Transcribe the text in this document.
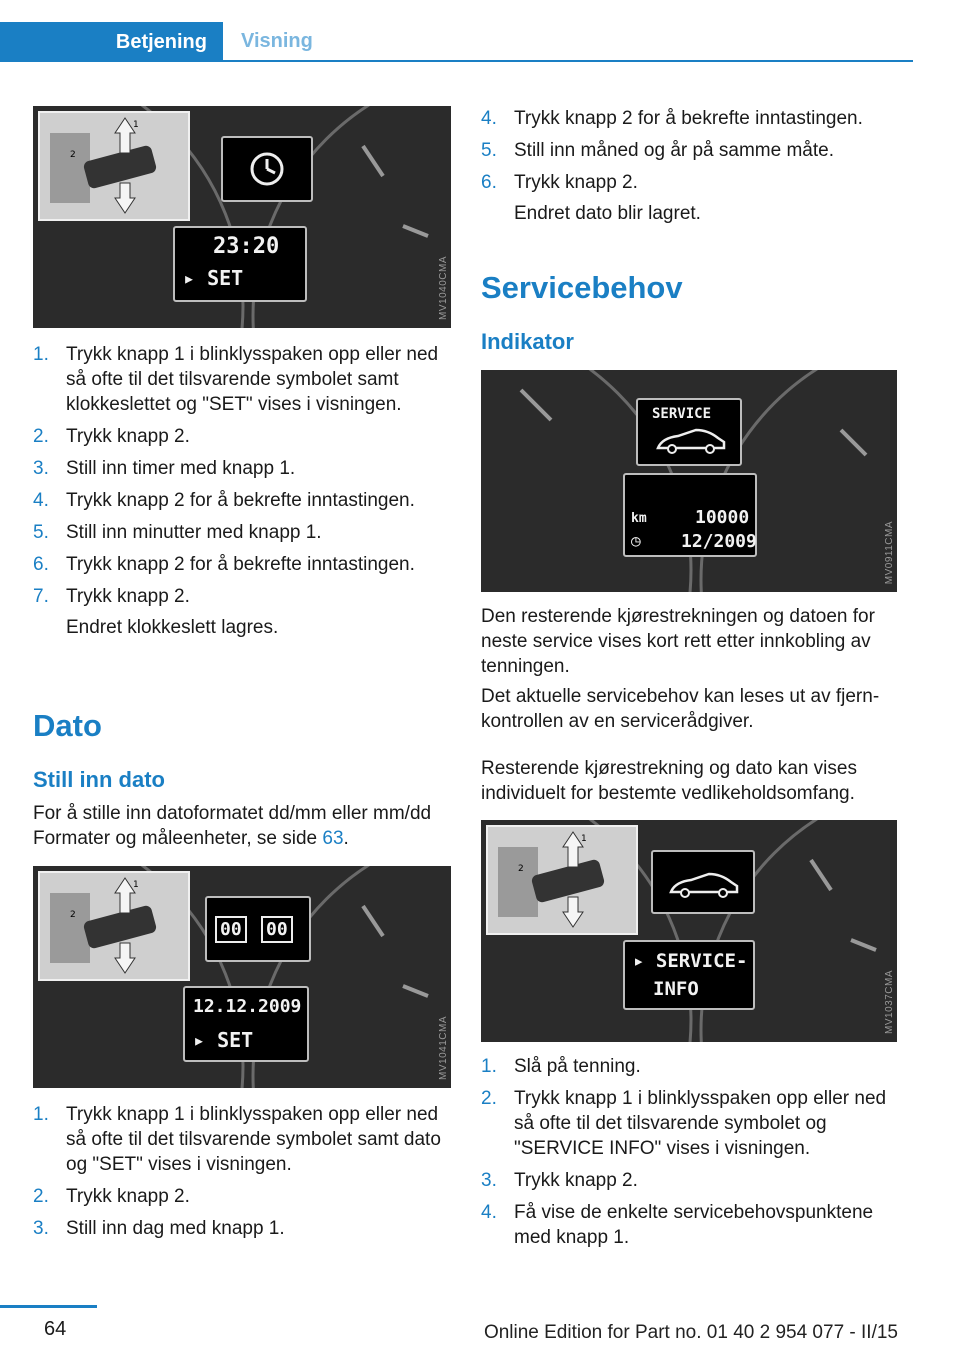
Betjening	Visning
1
2
23:20
▸ SET	MV1040CMA
1. Trykk knapp 1 i blinklysspaken opp eller ned så ofte til det tilsvarende symbolet samt klokkeslettet og "SET" vises i visningen.
2. Trykk knapp 2.
3. Still inn timer med knapp 1.
4. Trykk knapp 2 for å bekrefte inntastingen.
5. Still inn minutter med knapp 1.
6. Trykk knapp 2 for å bekrefte inntastingen.
7. Trykk knapp 2.
Endret klokkeslett lagres.
Dato
Still inn dato
For å stille inn datoformatet dd/mm eller mm/dd Formater og måleenheter, se side 63.
1
2
00 00
12.12.2009
▸ SET	MV1041CMA
1. Trykk knapp 1 i blinklysspaken opp eller ned så ofte til det tilsvarende symbolet samt dato og "SET" vises i visningen.
2. Trykk knapp 2.
3. Still inn dag med knapp 1.
4. Trykk knapp 2 for å bekrefte inntastingen.
5. Still inn måned og år på samme måte.
6. Trykk knapp 2.
Endret dato blir lagret.
Servicebehov
Indikator
SERVICE
km	10000
◷ 12/2009	MV0911CMA
Den resterende kjørestrekningen og datoen for neste service vises kort rett etter innkobling av tenningen.
Det aktuelle servicebehov kan leses ut av fjernkontrollen av en servicerådgiver.
Resterende kjørestrekning og dato kan vises individuelt for bestemte vedlikeholdsomfang.
1
2
▸ SERVICE-
INFO	MV1037CMA
1. Slå på tenning.
2. Trykk knapp 1 i blinklysspaken opp eller ned så ofte til det tilsvarende symbolet og "SERVICE INFO" vises i visningen.
3. Trykk knapp 2.
4. Få vise de enkelte servicebehovspunktene med knapp 1.
64	Online Edition for Part no. 01 40 2 954 077 - II/15
